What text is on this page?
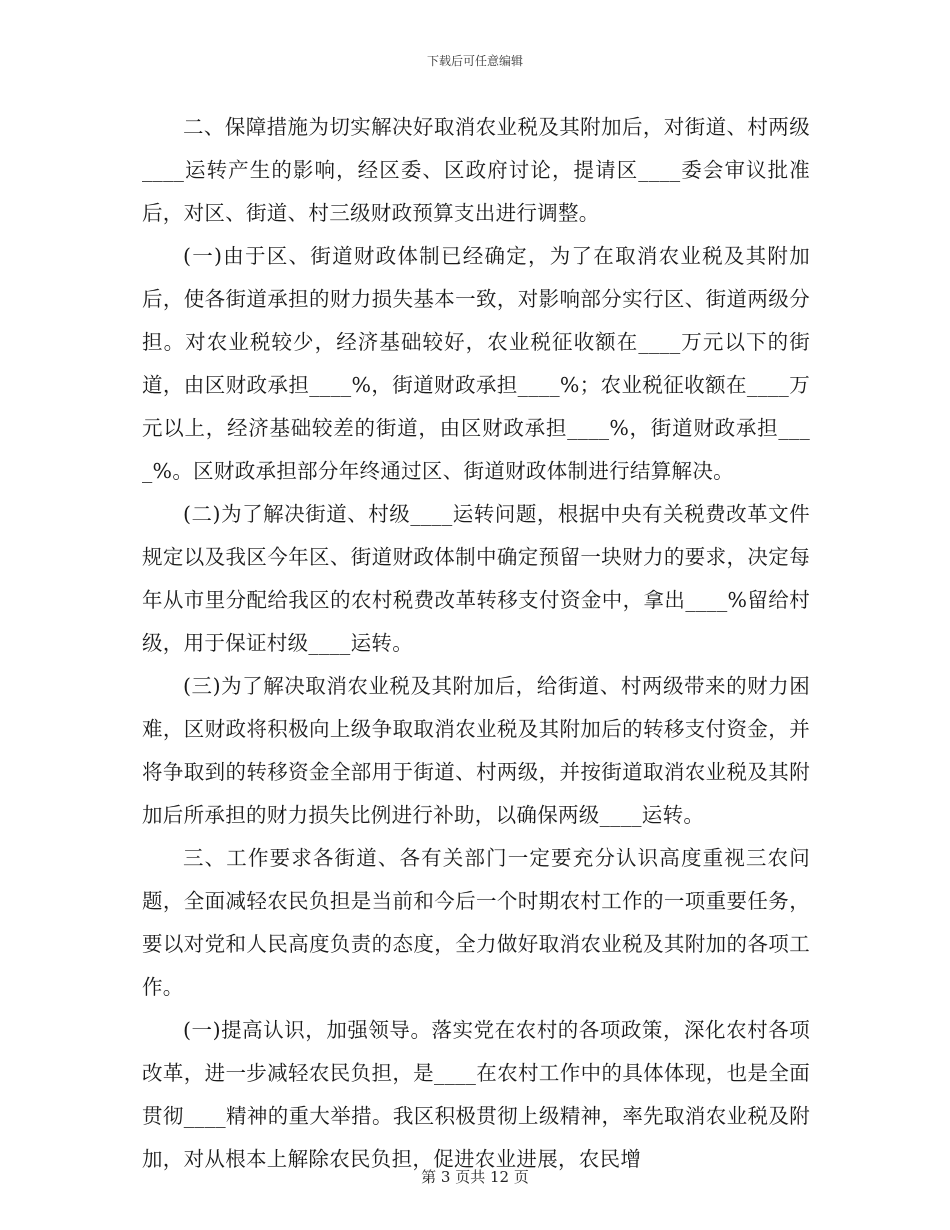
下载后可任意编辑

二、保障措施为切实解决好取消农业税及其附加后，对街道、村两级____运转产生的影响，经区委、区政府讨论，提请区____委会审议批准后，对区、街道、村三级财政预算支出进行调整。

(一)由于区、街道财政体制已经确定，为了在取消农业税及其附加后，使各街道承担的财力损失基本一致，对影响部分实行区、街道两级分担。对农业税较少，经济基础较好，农业税征收额在____万元以下的街道，由区财政承担____%，街道财政承担____%；农业税征收额在____万元以上，经济基础较差的街道，由区财政承担____%，街道财政承担____%。区财政承担部分年终通过区、街道财政体制进行结算解决。

(二)为了解决街道、村级____运转问题，根据中央有关税费改革文件规定以及我区今年区、街道财政体制中确定预留一块财力的要求，决定每年从市里分配给我区的农村税费改革转移支付资金中，拿出____%留给村级，用于保证村级____运转。

(三)为了解决取消农业税及其附加后，给街道、村两级带来的财力困难，区财政将积极向上级争取取消农业税及其附加后的转移支付资金，并将争取到的转移资金全部用于街道、村两级，并按街道取消农业税及其附加后所承担的财力损失比例进行补助，以确保两级____运转。

三、工作要求各街道、各有关部门一定要充分认识高度重视三农问题，全面减轻农民负担是当前和今后一个时期农村工作的一项重要任务，要以对党和人民高度负责的态度，全力做好取消农业税及其附加的各项工作。

(一)提高认识，加强领导。落实党在农村的各项政策，深化农村各项改革，进一步减轻农民负担，是____在农村工作中的具体体现，也是全面贯彻____精神的重大举措。我区积极贯彻上级精神，率先取消农业税及附加，对从根本上解除农民负担，促进农业进展，农民增

第 3 页共 12 页
